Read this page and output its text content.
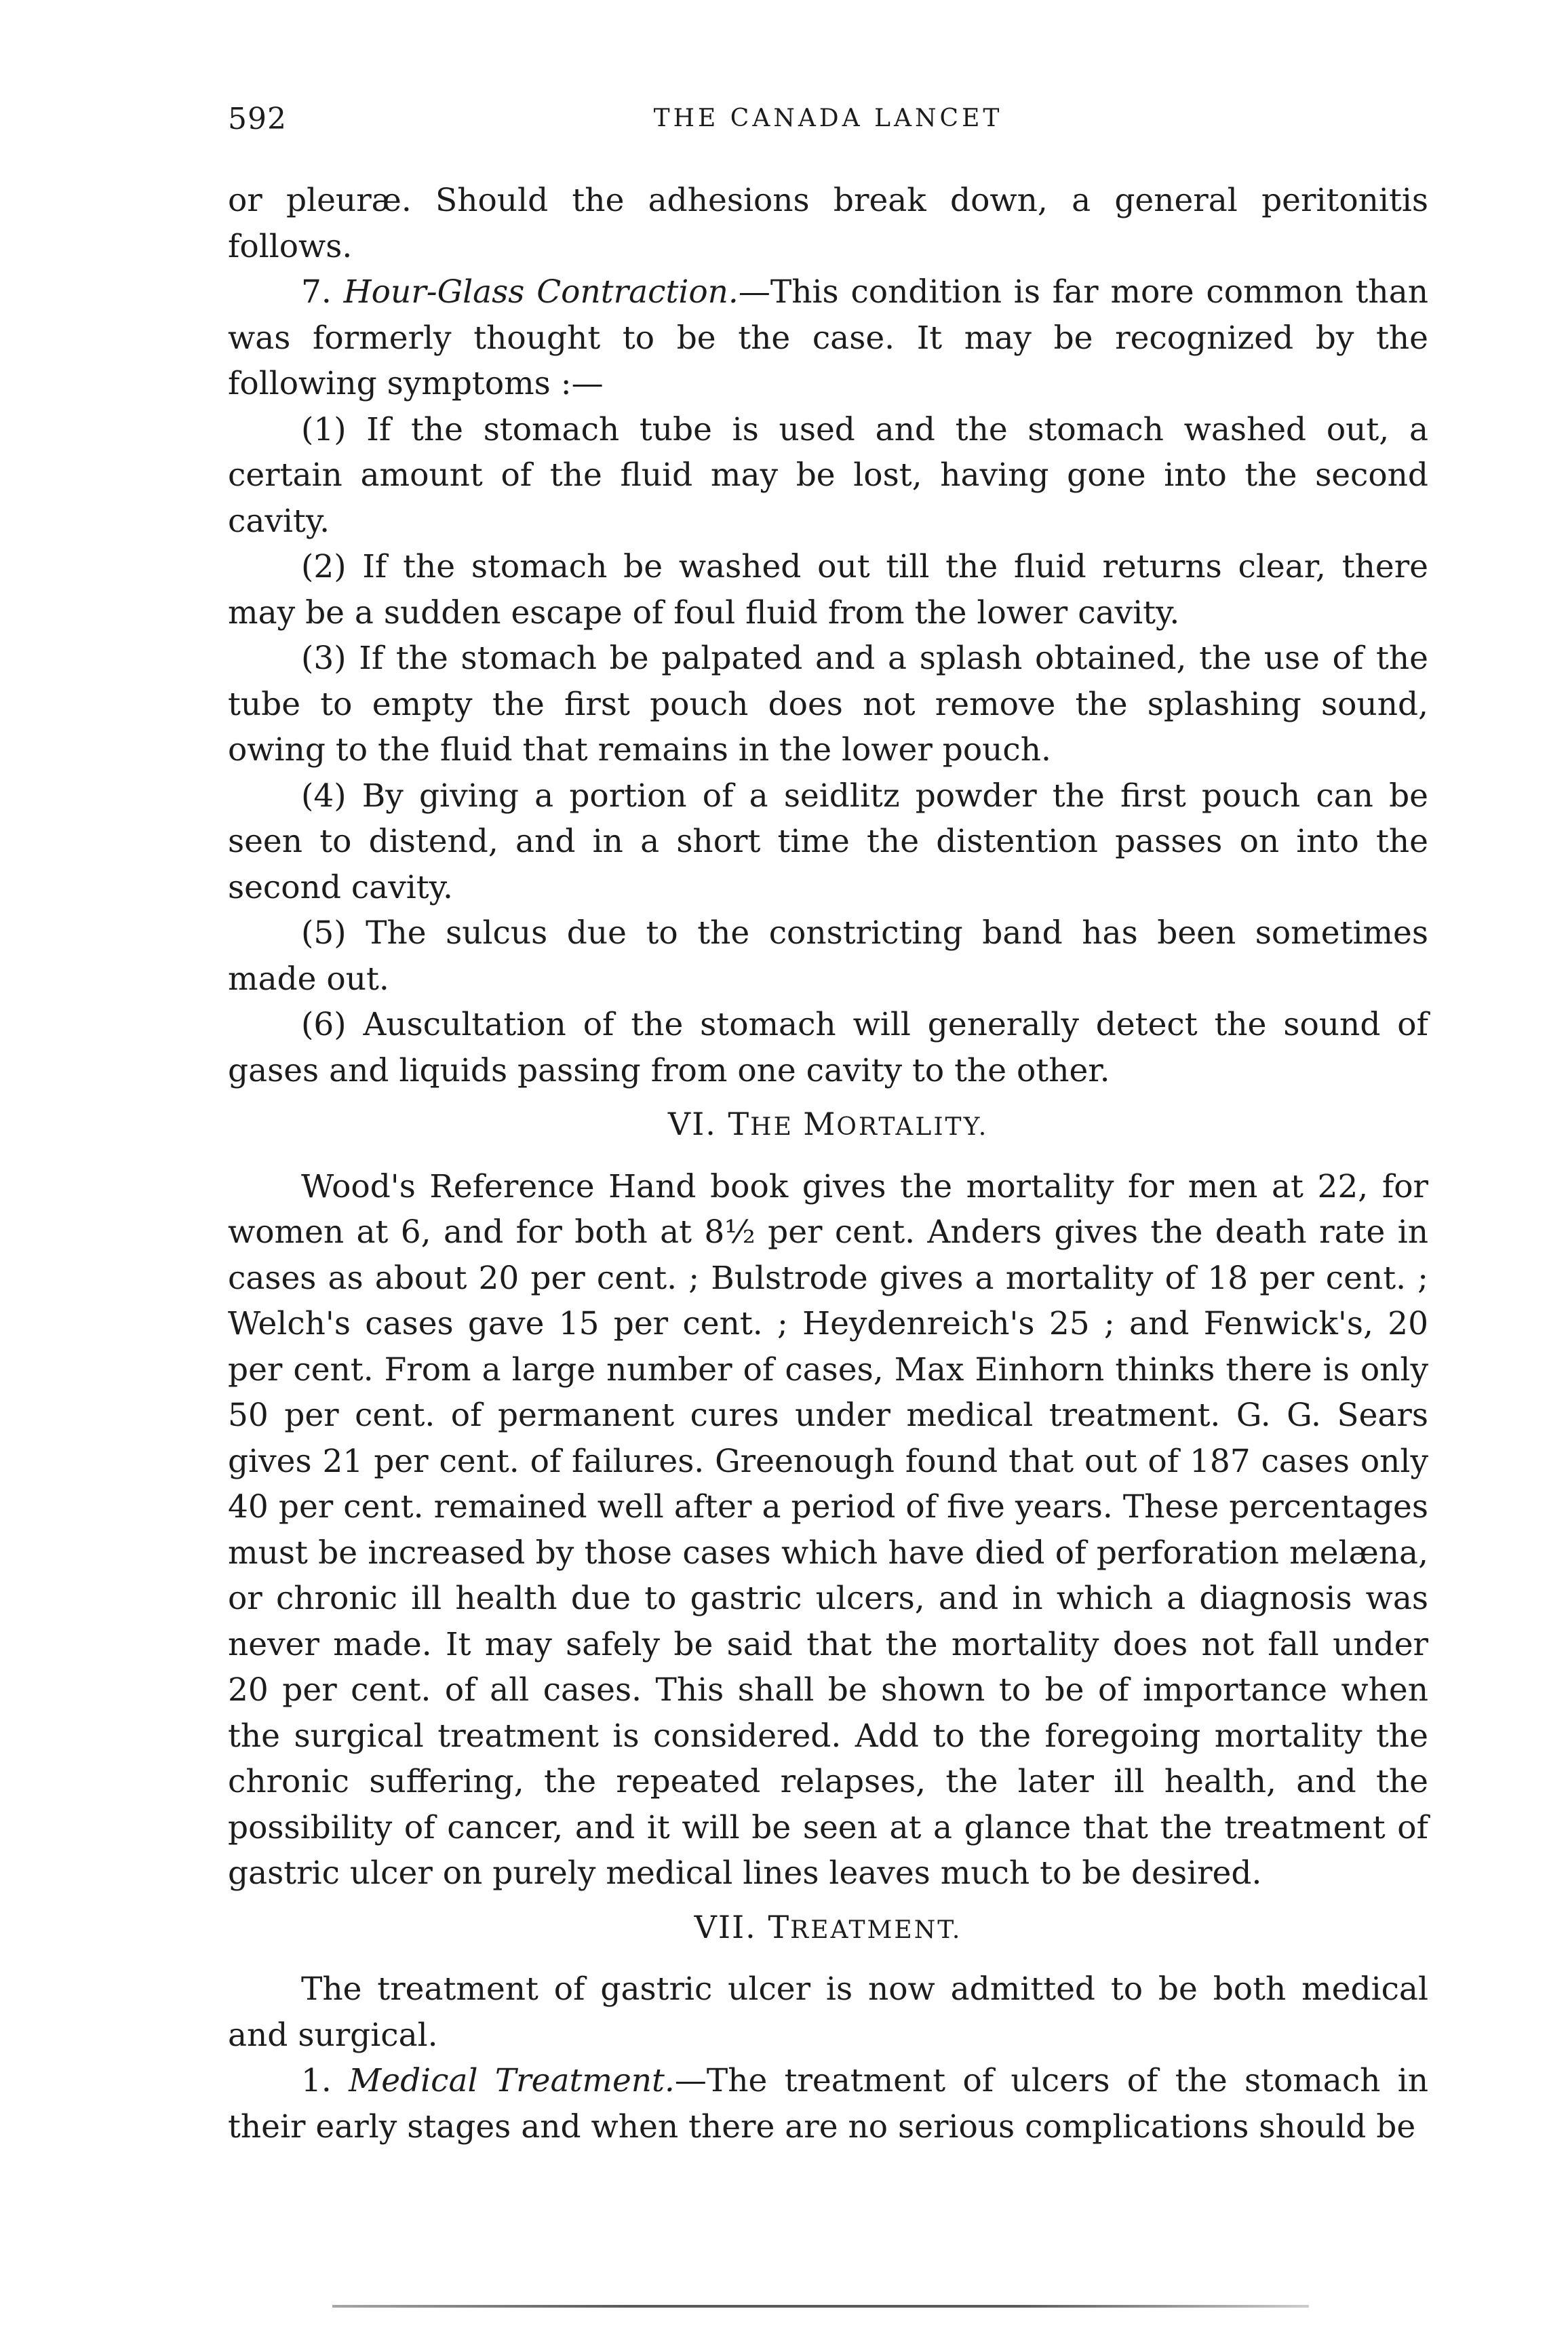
592	THE CANADA LANCET

or pleuræ. Should the adhesions break down, a general peritonitis follows.

7. Hour-Glass Contraction.—This condition is far more common than was formerly thought to be the case. It may be recognized by the following symptoms :—

(1) If the stomach tube is used and the stomach washed out, a certain amount of the fluid may be lost, having gone into the second cavity.

(2) If the stomach be washed out till the fluid returns clear, there may be a sudden escape of foul fluid from the lower cavity.

(3) If the stomach be palpated and a splash obtained, the use of the tube to empty the first pouch does not remove the splashing sound, owing to the fluid that remains in the lower pouch.

(4) By giving a portion of a seidlitz powder the first pouch can be seen to distend, and in a short time the distention passes on into the second cavity.

(5) The sulcus due to the constricting band has been sometimes made out.

(6) Auscultation of the stomach will generally detect the sound of gases and liquids passing from one cavity to the other.

VI. THE MORTALITY.

Wood's Reference Hand book gives the mortality for men at 22, for women at 6, and for both at 8½ per cent. Anders gives the death rate in cases as about 20 per cent. ; Bulstrode gives a mortality of 18 per cent. ; Welch's cases gave 15 per cent. ; Heydenreich's 25 ; and Fenwick's, 20 per cent. From a large number of cases, Max Einhorn thinks there is only 50 per cent. of permanent cures under medical treatment. G. G. Sears gives 21 per cent. of failures. Greenough found that out of 187 cases only 40 per cent. remained well after a period of five years. These percentages must be increased by those cases which have died of perforation melæna, or chronic ill health due to gastric ulcers, and in which a diagnosis was never made. It may safely be said that the mortality does not fall under 20 per cent. of all cases. This shall be shown to be of importance when the surgical treatment is considered. Add to the foregoing mortality the chronic suffering, the repeated relapses, the later ill health, and the possibility of cancer, and it will be seen at a glance that the treatment of gastric ulcer on purely medical lines leaves much to be desired.

VII. TREATMENT.

The treatment of gastric ulcer is now admitted to be both medical and surgical.

1. Medical Treatment.—The treatment of ulcers of the stomach in their early stages and when there are no serious complications should be
